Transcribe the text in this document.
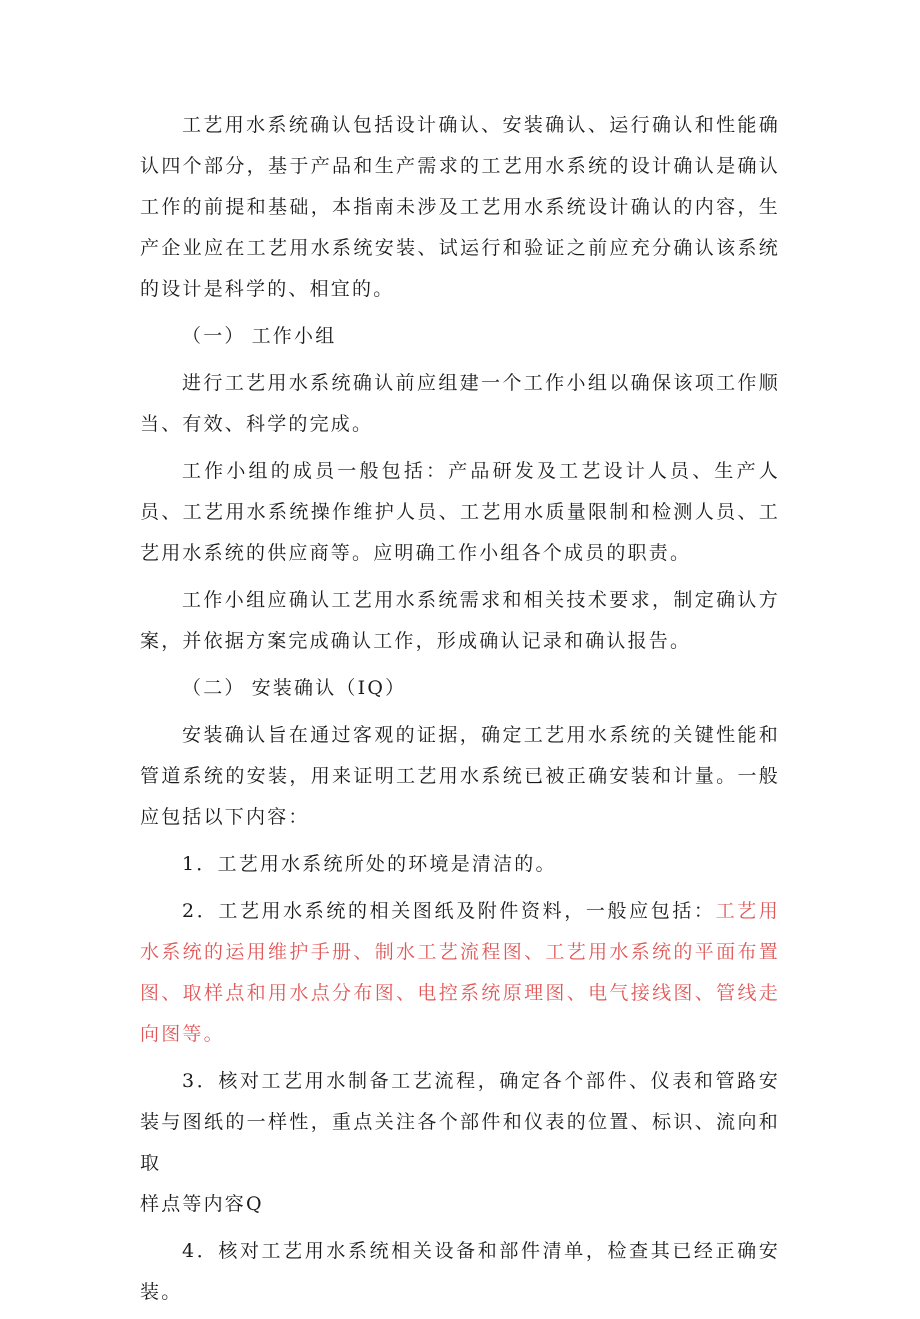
工艺用水系统确认包括设计确认、安装确认、运行确认和性能确认四个部分，基于产品和生产需求的工艺用水系统的设计确认是确认工作的前提和基础，本指南未涉及工艺用水系统设计确认的内容，生产企业应在工艺用水系统安装、试运行和验证之前应充分确认该系统的设计是科学的、相宜的。

（一） 工作小组

进行工艺用水系统确认前应组建一个工作小组以确保该项工作顺当、有效、科学的完成。

工作小组的成员一般包括：产品研发及工艺设计人员、生产人员、工艺用水系统操作维护人员、工艺用水质量限制和检测人员、工艺用水系统的供应商等。应明确工作小组各个成员的职责。

工作小组应确认工艺用水系统需求和相关技术要求，制定确认方案，并依据方案完成确认工作，形成确认记录和确认报告。

（二） 安装确认（IQ）

安装确认旨在通过客观的证据，确定工艺用水系统的关键性能和管道系统的安装，用来证明工艺用水系统已被正确安装和计量。一般应包括以下内容：

1．工艺用水系统所处的环境是清洁的。

2．工艺用水系统的相关图纸及附件资料，一般应包括：工艺用水系统的运用维护手册、制水工艺流程图、工艺用水系统的平面布置图、取样点和用水点分布图、电控系统原理图、电气接线图、管线走向图等。

3．核对工艺用水制备工艺流程，确定各个部件、仪表和管路安装与图纸的一样性，重点关注各个部件和仪表的位置、标识、流向和取

样点等内容Q

4．核对工艺用水系统相关设备和部件清单，检查其已经正确安装。
